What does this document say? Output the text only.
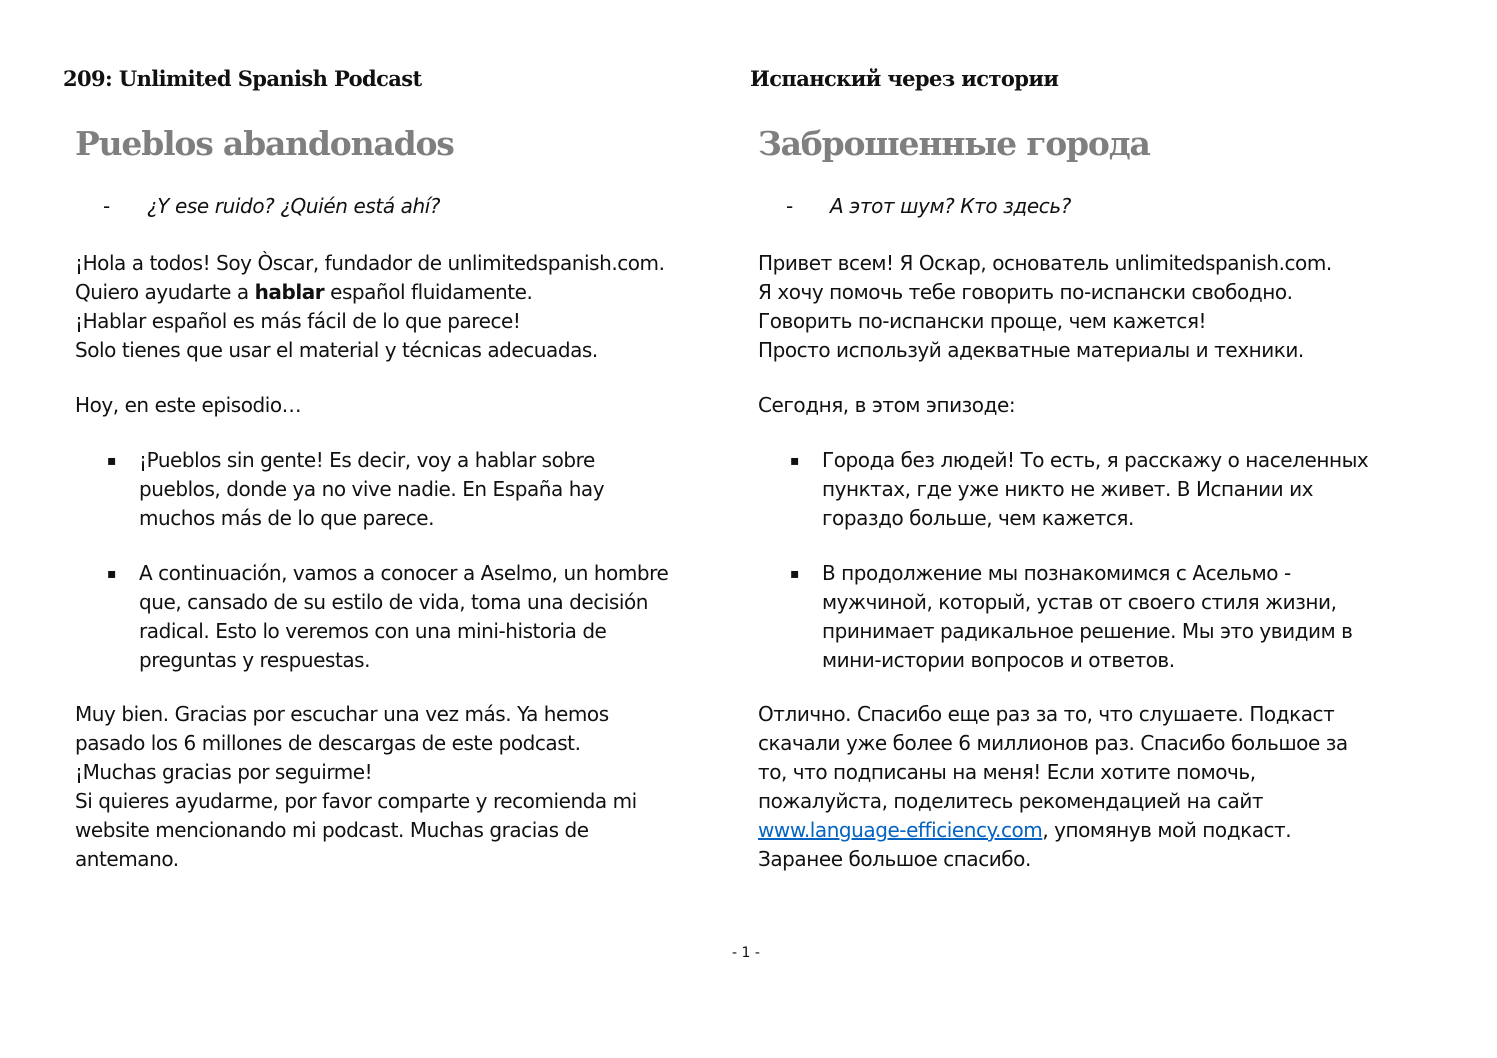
209: Unlimited Spanish Podcast	Испанский через истории
Pueblos abandonados
- ¿Y ese ruido? ¿Quién está ahí?

¡Hola a todos! Soy Òscar, fundador de unlimitedspanish.com.
Quiero ayudarte a hablar español fluidamente.
¡Hablar español es más fácil de lo que parece!
Solo tienes que usar el material y técnicas adecuadas.

Hoy, en este episodio…

▪ ¡Pueblos sin gente! Es decir, voy a hablar sobre
pueblos, donde ya no vive nadie. En España hay
muchos más de lo que parece.
▪ A continuación, vamos a conocer a Aselmo, un hombre
que, cansado de su estilo de vida, toma una decisión
radical. Esto lo veremos con una mini-historia de
preguntas y respuestas.

Muy bien. Gracias por escuchar una vez más. Ya hemos
pasado los 6 millones de descargas de este podcast.
¡Muchas gracias por seguirme!
Si quieres ayudarme, por favor comparte y recomienda mi
website mencionando mi podcast. Muchas gracias de
antemano.

Заброшенные города
- А этот шум? Кто здесь?

Привет всем! Я Оскар, основатель unlimitedspanish.com.
Я хочу помочь тебе говорить по-испански свободно.
Говорить по-испански проще, чем кажется!
Просто используй адекватные материалы и техники.

Сегодня, в этом эпизоде:

▪ Города без людей! То есть, я расскажу о населенных
пунктах, где уже никто не живет. В Испании их
гораздо больше, чем кажется.
▪ В продолжение мы познакомимся с Асельмо -
мужчиной, который, устав от своего стиля жизни,
принимает радикальное решение. Мы это увидим в
мини-истории вопросов и ответов.

Отлично. Спасибо еще раз за то, что слушаете. Подкаст
скачали уже более 6 миллионов раз. Спасибо большое за
то, что подписаны на меня! Если хотите помочь,
пожалуйста, поделитесь рекомендацией на сайт
www.language-efficiency.com, упомянув мой подкаст.
Заранее большое спасибо.

- 1 -
